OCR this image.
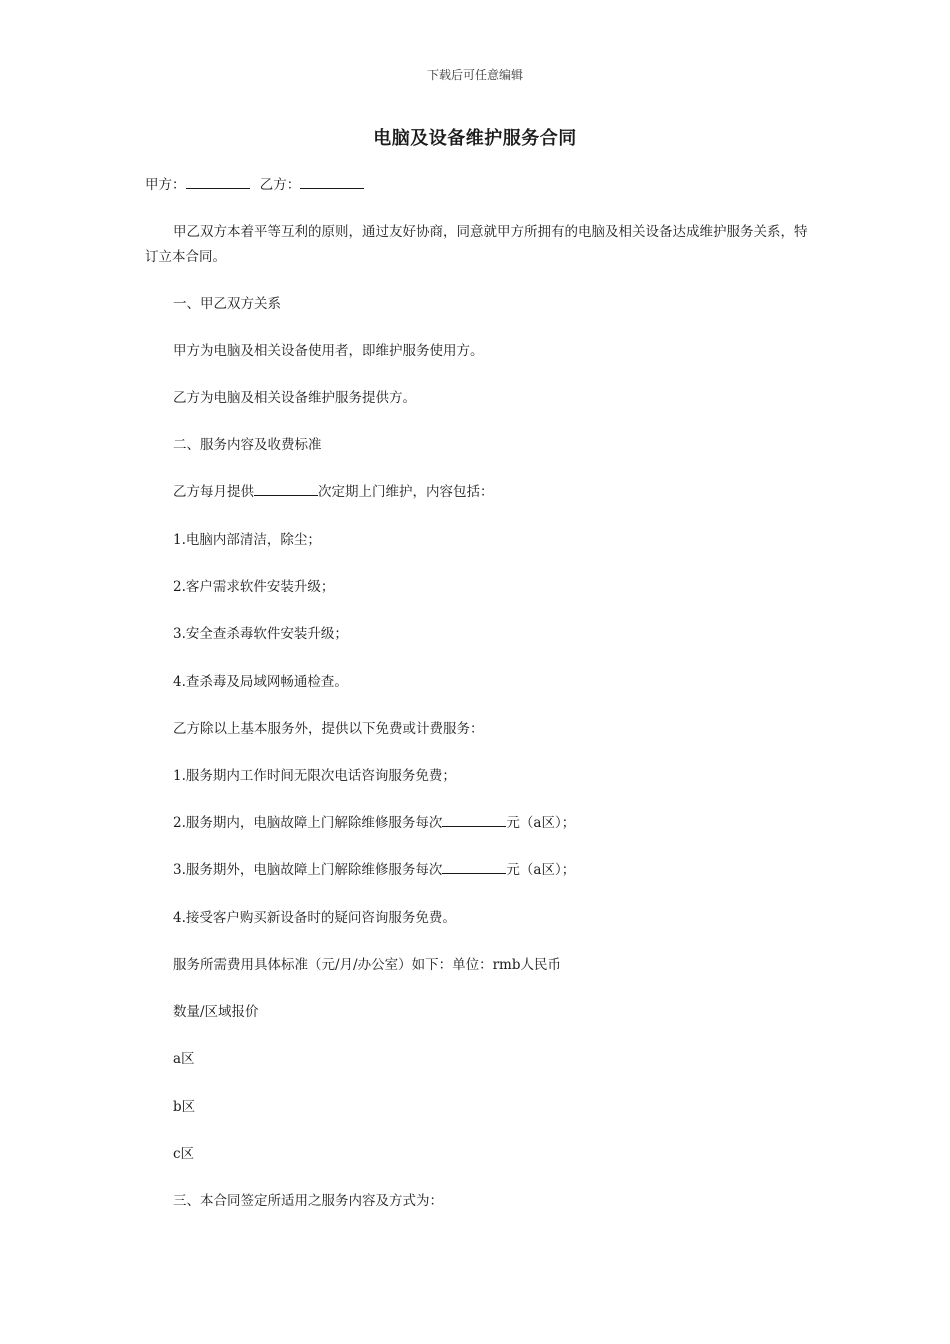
下载后可任意编辑
电脑及设备维护服务合同
甲方：	乙方：
甲乙双方本着平等互利的原则，通过友好协商，同意就甲方所拥有的电脑及相关设备达成维护服务关系，特订立本合同。
一、甲乙双方关系
甲方为电脑及相关设备使用者，即维护服务使用方。
乙方为电脑及相关设备维护服务提供方。
二、服务内容及收费标准
乙方每月提供	次定期上门维护，内容包括：
1.电脑内部清洁，除尘；
2.客户需求软件安装升级；
3.安全查杀毒软件安装升级；
4.查杀毒及局域网畅通检查。
乙方除以上基本服务外，提供以下免费或计费服务：
1.服务期内工作时间无限次电话咨询服务免费；
2.服务期内，电脑故障上门解除维修服务每次	元（a区）；
3.服务期外，电脑故障上门解除维修服务每次	元（a区）；
4.接受客户购买新设备时的疑问咨询服务免费。
服务所需费用具体标准（元/月/办公室）如下：单位：rmb人民币
数量/区域报价
a区
b区
c区
三、本合同签定所适用之服务内容及方式为：
